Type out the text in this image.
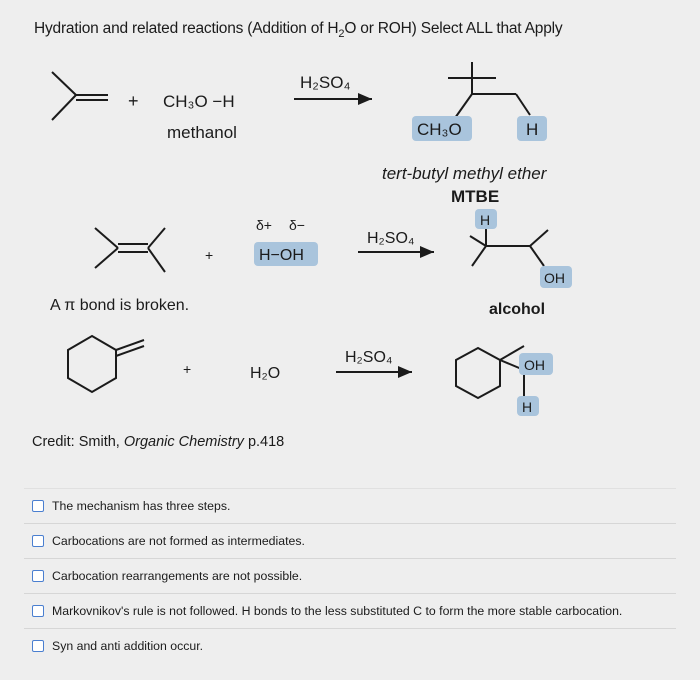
Hydration and related reactions (Addition of $H_2O$ or ROH) Select ALL that Apply
+ CH₃O −H
methanol
H₂SO₄
CH₃O	H
tert-butyl methyl ether
MTBE
+
δ+ δ−
H−OH
H₂SO₄
H
OH
alcohol
A π bond is broken.
+	H₂O
H₂SO₄	OH
H
Credit: Smith, Organic Chemistry p.418
The mechanism has three steps.
Carbocations are not formed as intermediates.
Carbocation rearrangements are not possible.
Markovnikov's rule is not followed. H bonds to the less substituted C to form the more stable carbocation.
Syn and anti addition occur.
